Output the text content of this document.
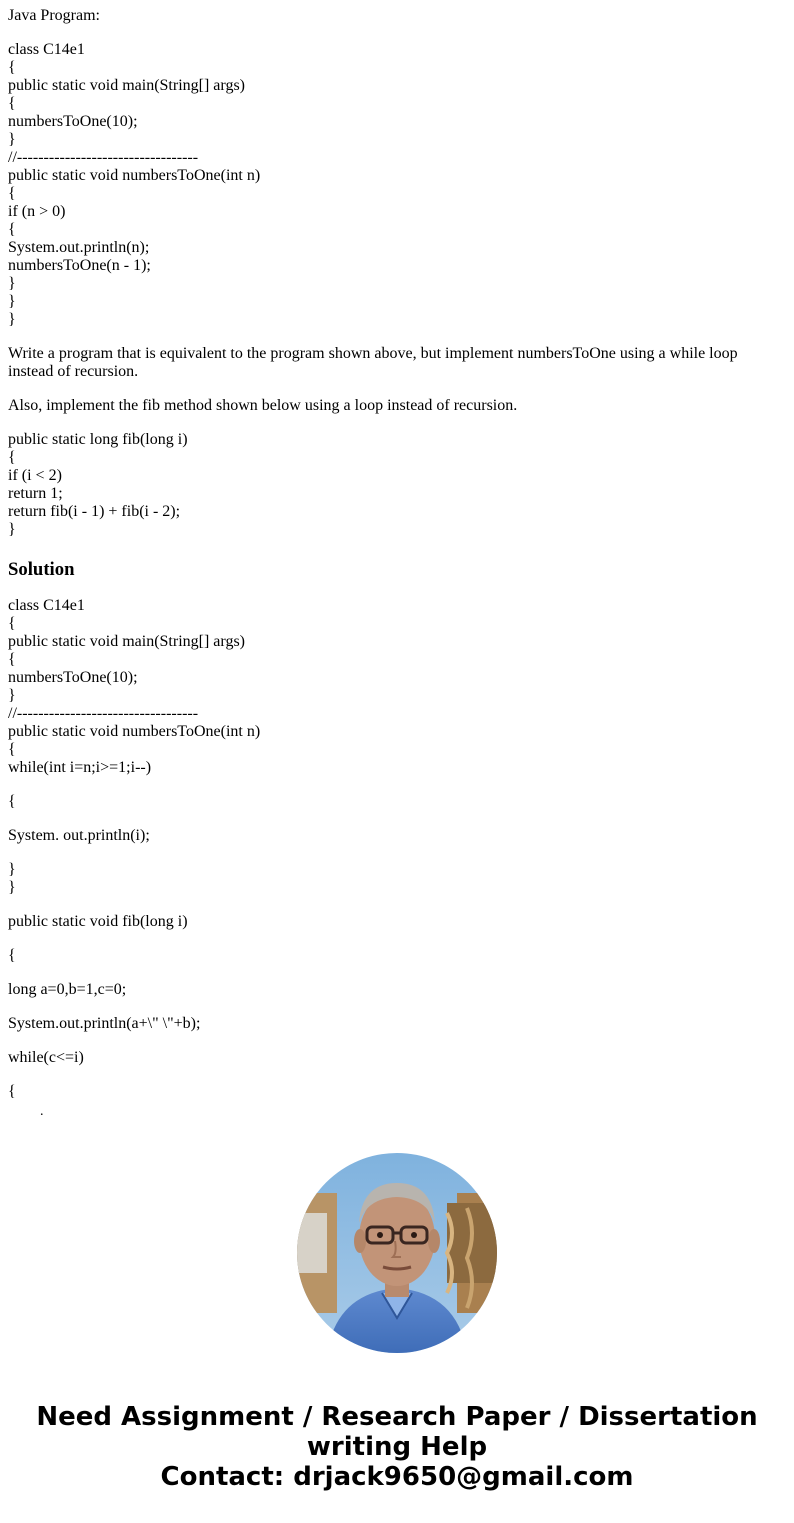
Java Program:
class C14e1
{
public static void main(String[] args)
{
numbersToOne(10);
}
//----------------------------------
public static void numbersToOne(int n)
{
if (n > 0)
{
System.out.println(n);
numbersToOne(n - 1);
}
}
}
Write a program that is equivalent to the program shown above, but implement numbersToOne using a while loop instead of recursion.
Also, implement the fib method shown below using a loop instead of recursion.
public static long fib(long i)
{
if (i < 2)
return 1;
return fib(i - 1) + fib(i - 2);
}
Solution
class C14e1
{
public static void main(String[] args)
{
numbersToOne(10);
}
//----------------------------------
public static void numbersToOne(int n)
{
while(int i=n;i>=1;i--)
{
System. out.println(i);
}
}
public static void fib(long i)
{
long a=0,b=1,c=0;
System.out.println(a+\" \"+b);
while(c<=i)
{
.
Need Assignment / Research Paper / Dissertation
writing Help
Contact: drjack9650@gmail.com
